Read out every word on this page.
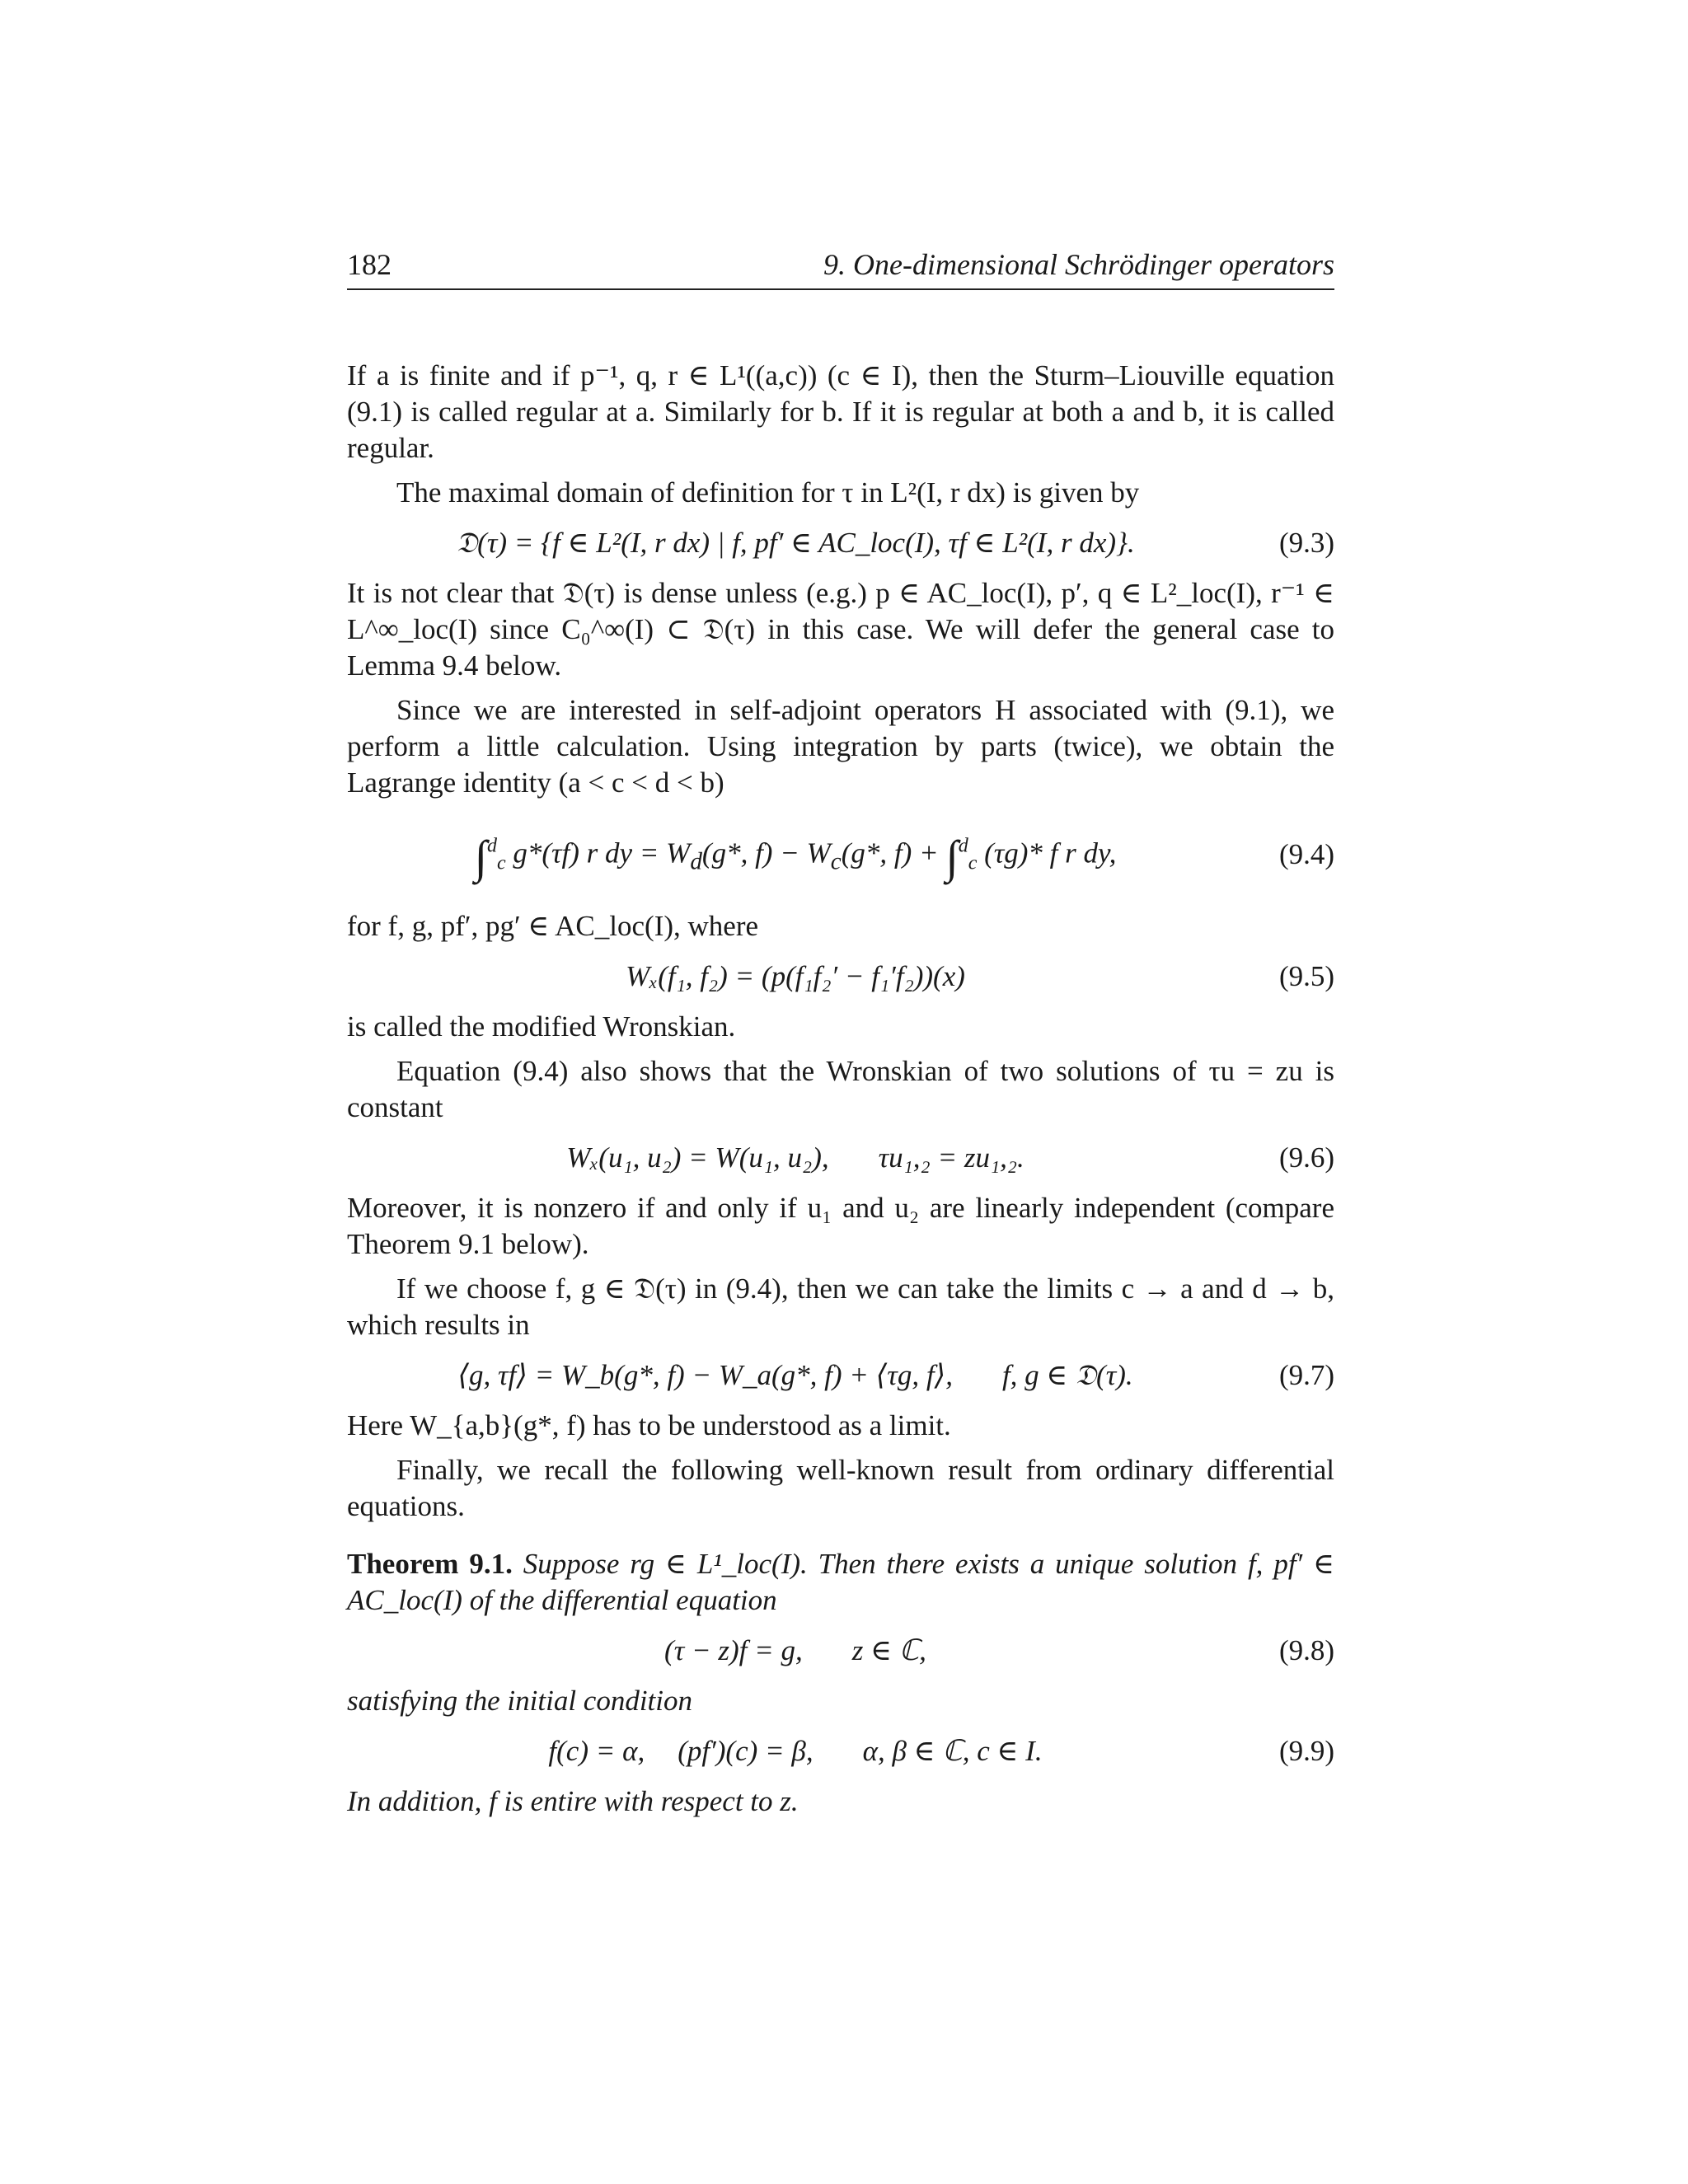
182	9. One-dimensional Schrödinger operators

If a is finite and if p⁻¹, q, r ∈ L¹((a,c)) (c ∈ I), then the Sturm–Liouville equation (9.1) is called regular at a. Similarly for b. If it is regular at both a and b, it is called regular.

The maximal domain of definition for τ in L²(I, r dx) is given by

𝔇(τ) = {f ∈ L²(I, r dx) | f, pf′ ∈ AC_loc(I), τf ∈ L²(I, r dx)}.	(9.3)

It is not clear that 𝔇(τ) is dense unless (e.g.) p ∈ AC_loc(I), p′, q ∈ L²_loc(I), r⁻¹ ∈ L^∞_loc(I) since C₀^∞(I) ⊂ 𝔇(τ) in this case. We will defer the general case to Lemma 9.4 below.

Since we are interested in self-adjoint operators H associated with (9.1), we perform a little calculation. Using integration by parts (twice), we obtain the Lagrange identity (a < c < d < b)

∫$^d_c$ g*(τf) r dy = $W_d(g*$, $f) - W_c(g*$, f) + ∫$^d_c$ (τg)* f r dy,	(9.4)

for f, g, pf′, pg′ ∈ AC_loc(I), where

Wₓ(f₁, f₂) = (p(f₁f₂′ − f₁′f₂))(x)	(9.5)

is called the modified Wronskian.

Equation (9.4) also shows that the Wronskian of two solutions of τu = zu is constant

Wₓ(u₁, u₂) = W(u₁, u₂), τu₁,₂ = zu₁,₂.	(9.6)

Moreover, it is nonzero if and only if u₁ and u₂ are linearly independent (compare Theorem 9.1 below).

If we choose f, g ∈ 𝔇(τ) in (9.4), then we can take the limits c → a and d → b, which results in

⟨g, τf⟩ = W_b(g*, f) − W_a(g*, f) + ⟨τg, f⟩, f, g ∈ 𝔇(τ).	(9.7)

Here W_{a,b}(g*, f) has to be understood as a limit.

Finally, we recall the following well-known result from ordinary differential equations.

Theorem 9.1. Suppose rg ∈ L¹_loc(I). Then there exists a unique solution f, pf′ ∈ AC_loc(I) of the differential equation

(τ − z)f = g, z ∈ ℂ,	(9.8)

satisfying the initial condition

f(c) = α, (pf′)(c) = β, α, β ∈ ℂ, c ∈ I.	(9.9)

In addition, f is entire with respect to z.
